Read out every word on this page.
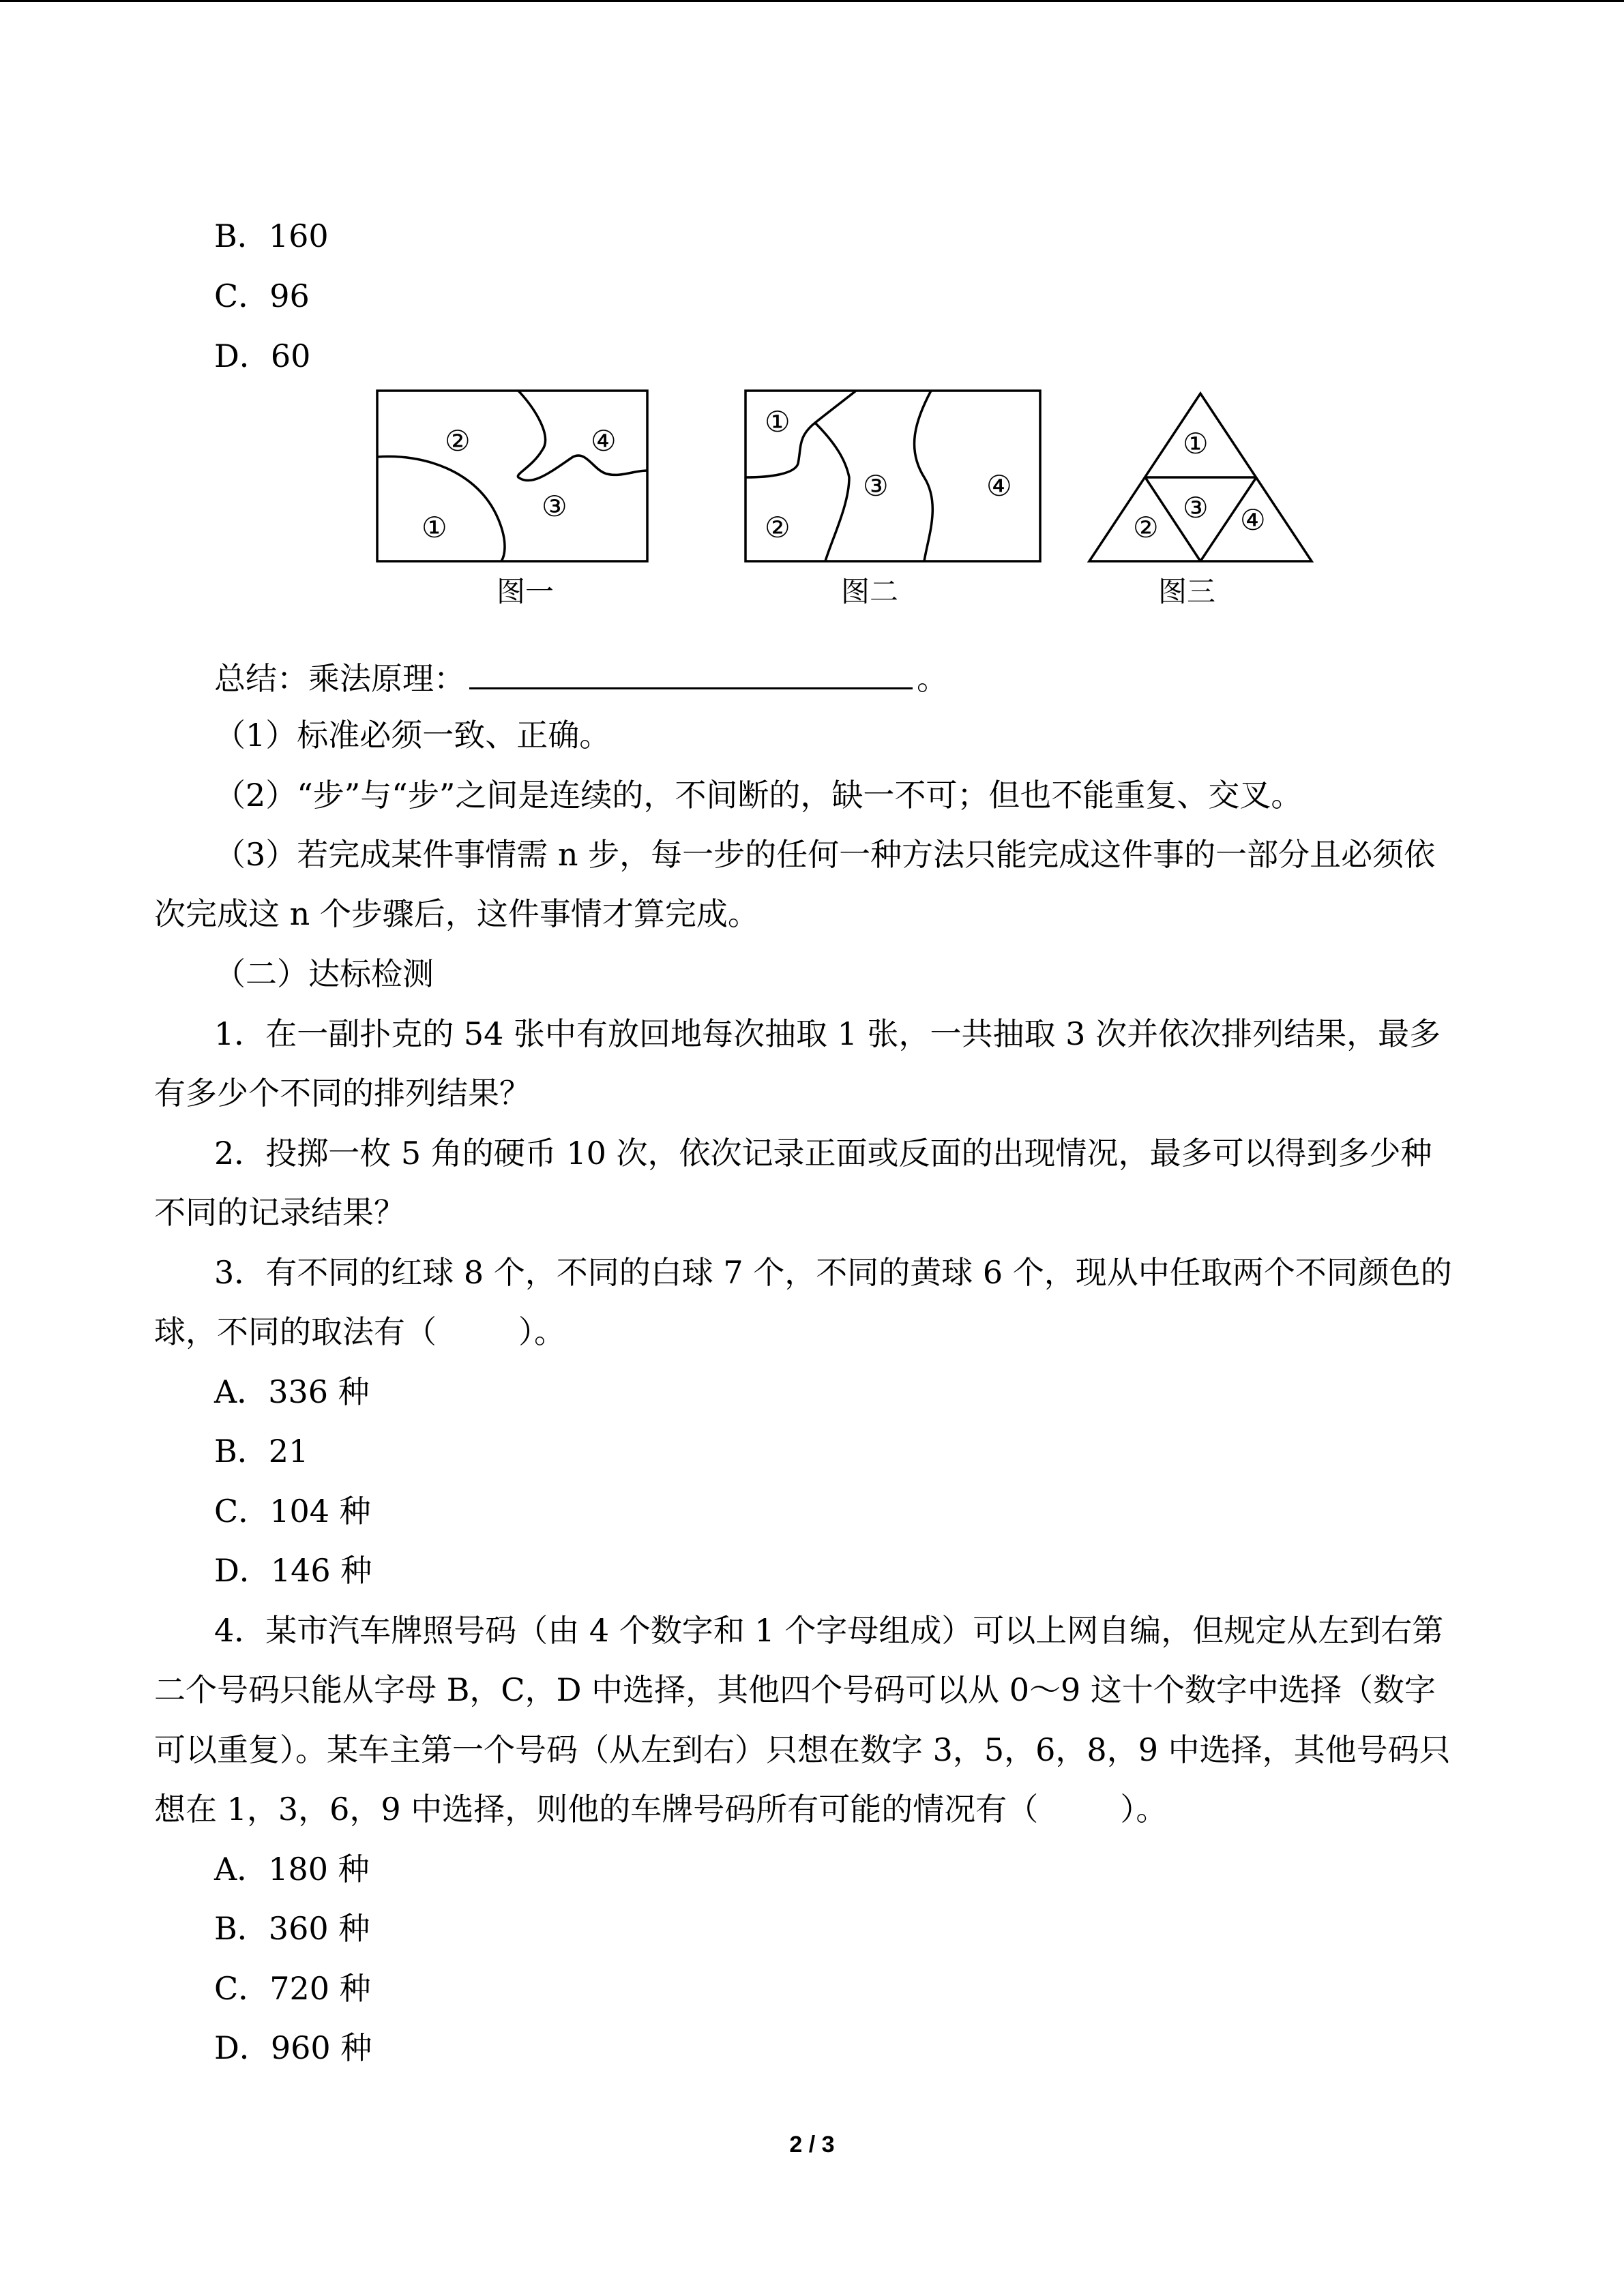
B．160
C．96
D．60
②	④
③
①
图一
①
③	④
②
图二
①
③
②	④
图三
总结：乘法原理：	。
（1）标准必须一致、正确。
（2）“步”与“步”之间是连续的，不间断的，缺一不可；但也不能重复、交叉。
（3）若完成某件事情需 n 步，每一步的任何一种方法只能完成这件事的一部分且必须依
次完成这 n 个步骤后，这件事情才算完成。
（二）达标检测
1．在一副扑克的 54 张中有放回地每次抽取 1 张，一共抽取 3 次并依次排列结果，最多
有多少个不同的排列结果？
2．投掷一枚 5 角的硬币 10 次，依次记录正面或反面的出现情况，最多可以得到多少种
不同的记录结果？
3．有不同的红球 8 个，不同的白球 7 个，不同的黄球 6 个，现从中任取两个不同颜色的
球，不同的取法有（	）。
A．336 种
B．21
C．104 种
D．146 种
4．某市汽车牌照号码（由 4 个数字和 1 个字母组成）可以上网自编，但规定从左到右第
二个号码只能从字母 B，C，D 中选择，其他四个号码可以从 0～9 这十个数字中选择（数字
可以重复）。某车主第一个号码（从左到右）只想在数字 3，5，6，8，9 中选择，其他号码只
想在 1，3，6，9 中选择，则他的车牌号码所有可能的情况有（	）。
A．180 种
B．360 种
C．720 种
D．960 种
2 / 3
